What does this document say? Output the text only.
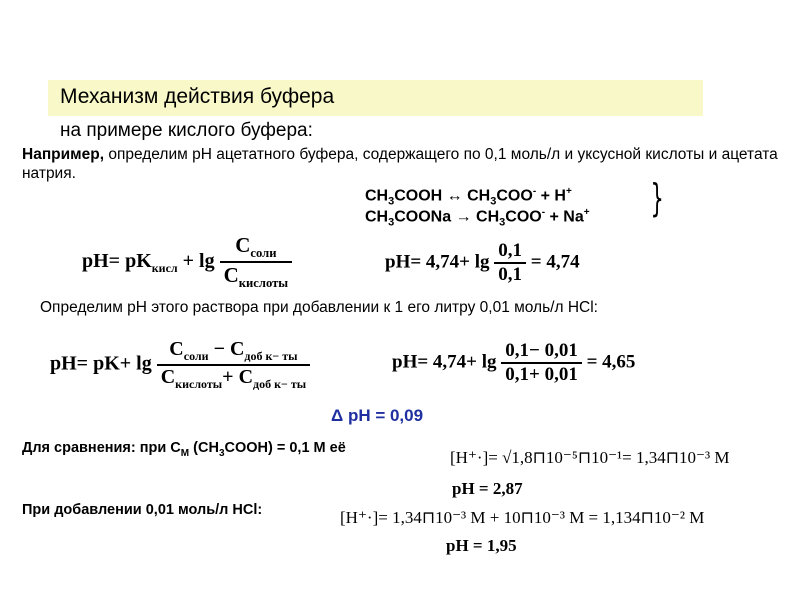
Механизм действия буфера
на примере кислого буфера:
Например, определим рН ацетатного буфера, содержащего по 0,1 моль/л и уксусной кислоты и ацетата натрия.
$CH_3COOH$ ↔ $CH_3COO^- + H^+$
$CH_3COONa \to CH_3COO^- + Na^+$ }
$pH= pK_{кисл} + \lg \frac{C_{соли}}{C_{кислоты}}$	$pH= 4,74+ \lg \frac{0,1}{0,1} = 4,74$
Определим рН этого раствора при добавлении к 1 его литру 0,01 моль/л HCl:
$pH= pK+ \lg \frac{C_{соли} - C_{доб к- ты}}{C_{кислоты}+ C_{доб к- ты}}$	$pH= 4,74+ \lg \frac{0,1- 0,01}{0,1+ 0,01} = 4,65$
Δ рН = 0,09
Для сравнения: при $C_M$ $(CH_3COOH) = 0,1$ М её	[H⁺·]= √1,8⊓10⁻⁵⊓10⁻¹= 1,34⊓10⁻³ M
pH = 2,87
При добавлении 0,01 моль/л HCl:	[H⁺·]= 1,34⊓10⁻³ M + 10⊓10⁻³ M = 1,134⊓10⁻² M
pH = 1,95
